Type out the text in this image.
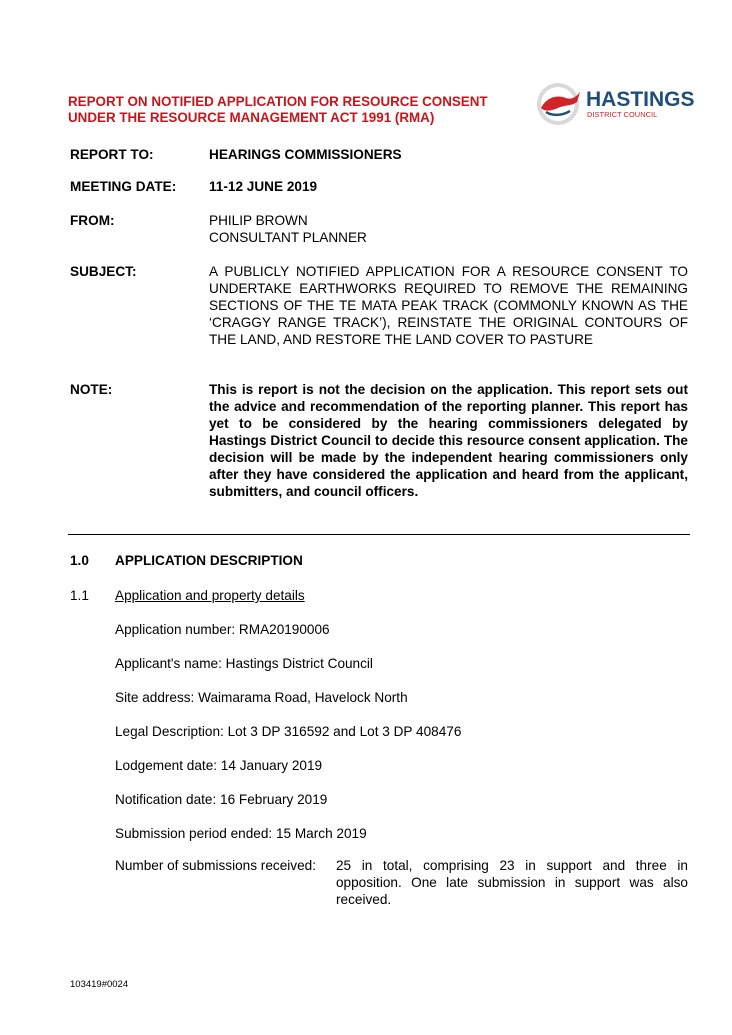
REPORT ON NOTIFIED APPLICATION FOR RESOURCE CONSENT
UNDER THE RESOURCE MANAGEMENT ACT 1991 (RMA)
HASTINGS
DISTRICT COUNCIL
REPORT TO:	HEARINGS COMMISSIONERS
MEETING DATE: 11-12 JUNE 2019
FROM:	PHILIP BROWN
CONSULTANT PLANNER
SUBJECT:	A PUBLICLY NOTIFIED APPLICATION FOR A RESOURCE CONSENT TO UNDERTAKE EARTHWORKS REQUIRED TO REMOVE THE REMAINING SECTIONS OF THE TE MATA PEAK TRACK (COMMONLY KNOWN AS THE ‘CRAGGY RANGE TRACK’), REINSTATE THE ORIGINAL CONTOURS OF THE LAND, AND RESTORE THE LAND COVER TO PASTURE
NOTE:	This is report is not the decision on the application. This report sets out the advice and recommendation of the reporting planner. This report has yet to be considered by the hearing commissioners delegated by Hastings District Council to decide this resource consent application. The decision will be made by the independent hearing commissioners only after they have considered the application and heard from the applicant, submitters, and council officers.
1.0 APPLICATION DESCRIPTION
1.1 Application and property details
Application number: RMA20190006
Applicant's name: Hastings District Council
Site address: Waimarama Road, Havelock North
Legal Description: Lot 3 DP 316592 and Lot 3 DP 408476
Lodgement date: 14 January 2019
Notification date: 16 February 2019
Submission period ended: 15 March 2019
Number of submissions received: 25 in total, comprising 23 in support and three in opposition. One late submission in support was also received.
103419#0024
